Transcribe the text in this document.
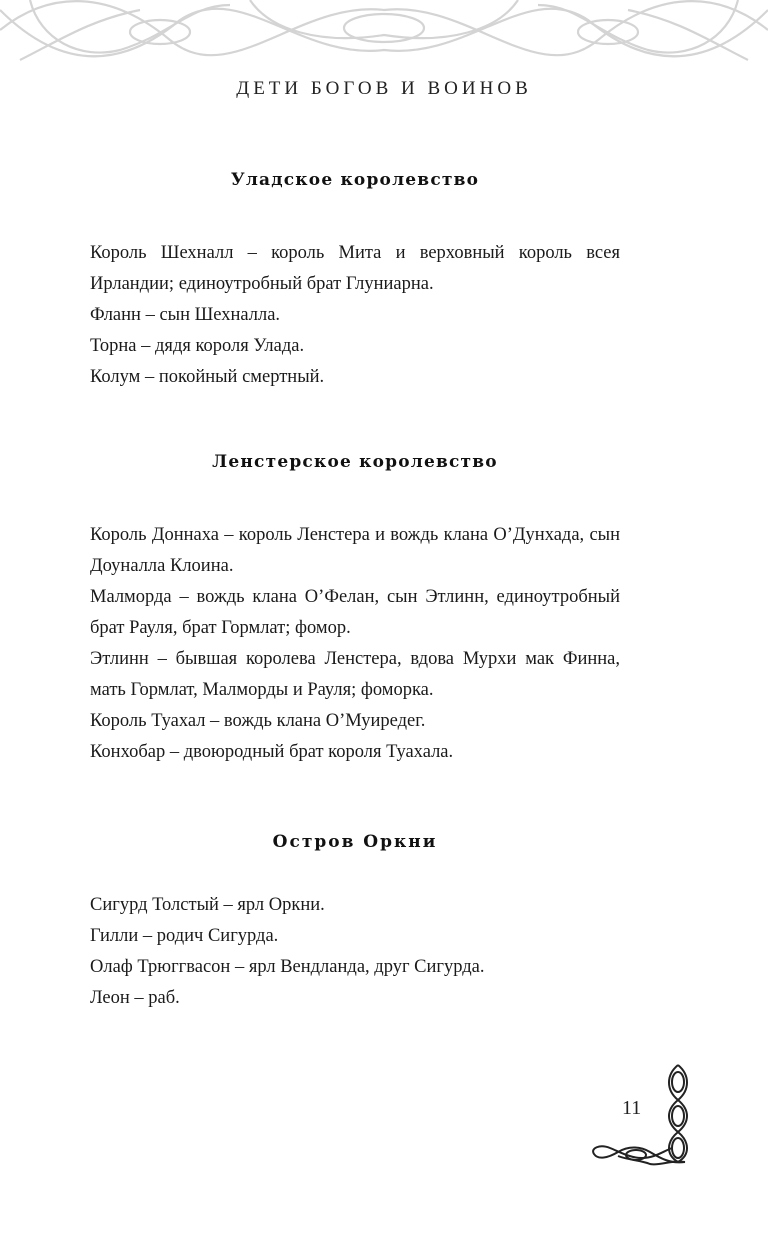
ДЕТИ БОГОВ И ВОИНОВ
Уладское королевство
Король Шехналл – король Мита и верховный король всея Ирландии; единоутробный брат Глуниарна.
Фланн – сын Шехналла.
Торна – дядя короля Улада.
Колум – покойный смертный.
Ленстерское королевство
Король Доннаха – король Ленстера и вождь клана О’Дунхада, сын Доуналла Клоина.
Малморда – вождь клана О’Фелан, сын Этлинн, единоутробный брат Рауля, брат Гормлат; фомор.
Этлинн – бывшая королева Ленстера, вдова Мурхи мак Финна, мать Гормлат, Малморды и Рауля; фоморка.
Король Туахал – вождь клана О’Муиредег.
Конхобар – двоюродный брат короля Туахала.
Остров Оркни
Сигурд Толстый – ярл Оркни.
Гилли – родич Сигурда.
Олаф Трюггвасон – ярл Вендланда, друг Сигурда.
Леон – раб.
11
